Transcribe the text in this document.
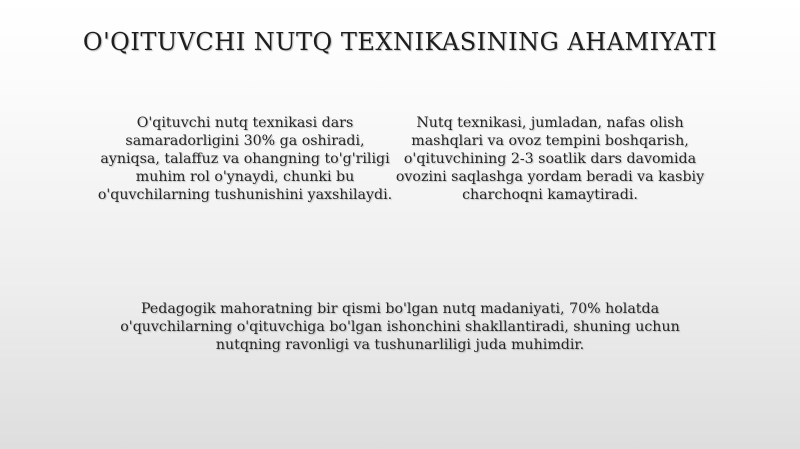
O'QITUVCHI NUTQ TEXNIKASINING AHAMIYATI
O'qituvchi nutq texnikasi dars samaradorligini 30% ga oshiradi, ayniqsa, talaffuz va ohangning to'g'riligi muhim rol o'ynaydi, chunki bu o'quvchilarning tushunishini yaxshilaydi.
Nutq texnikasi, jumladan, nafas olish mashqlari va ovoz tempini boshqarish, o'qituvchining 2-3 soatlik dars davomida ovozini saqlashga yordam beradi va kasbiy charchoqni kamaytiradi.
Pedagogik mahoratning bir qismi bo'lgan nutq madaniyati, 70% holatda o'quvchilarning o'qituvchiga bo'lgan ishonchini shakllantiradi, shuning uchun nutqning ravonligi va tushunarliligi juda muhimdir.
